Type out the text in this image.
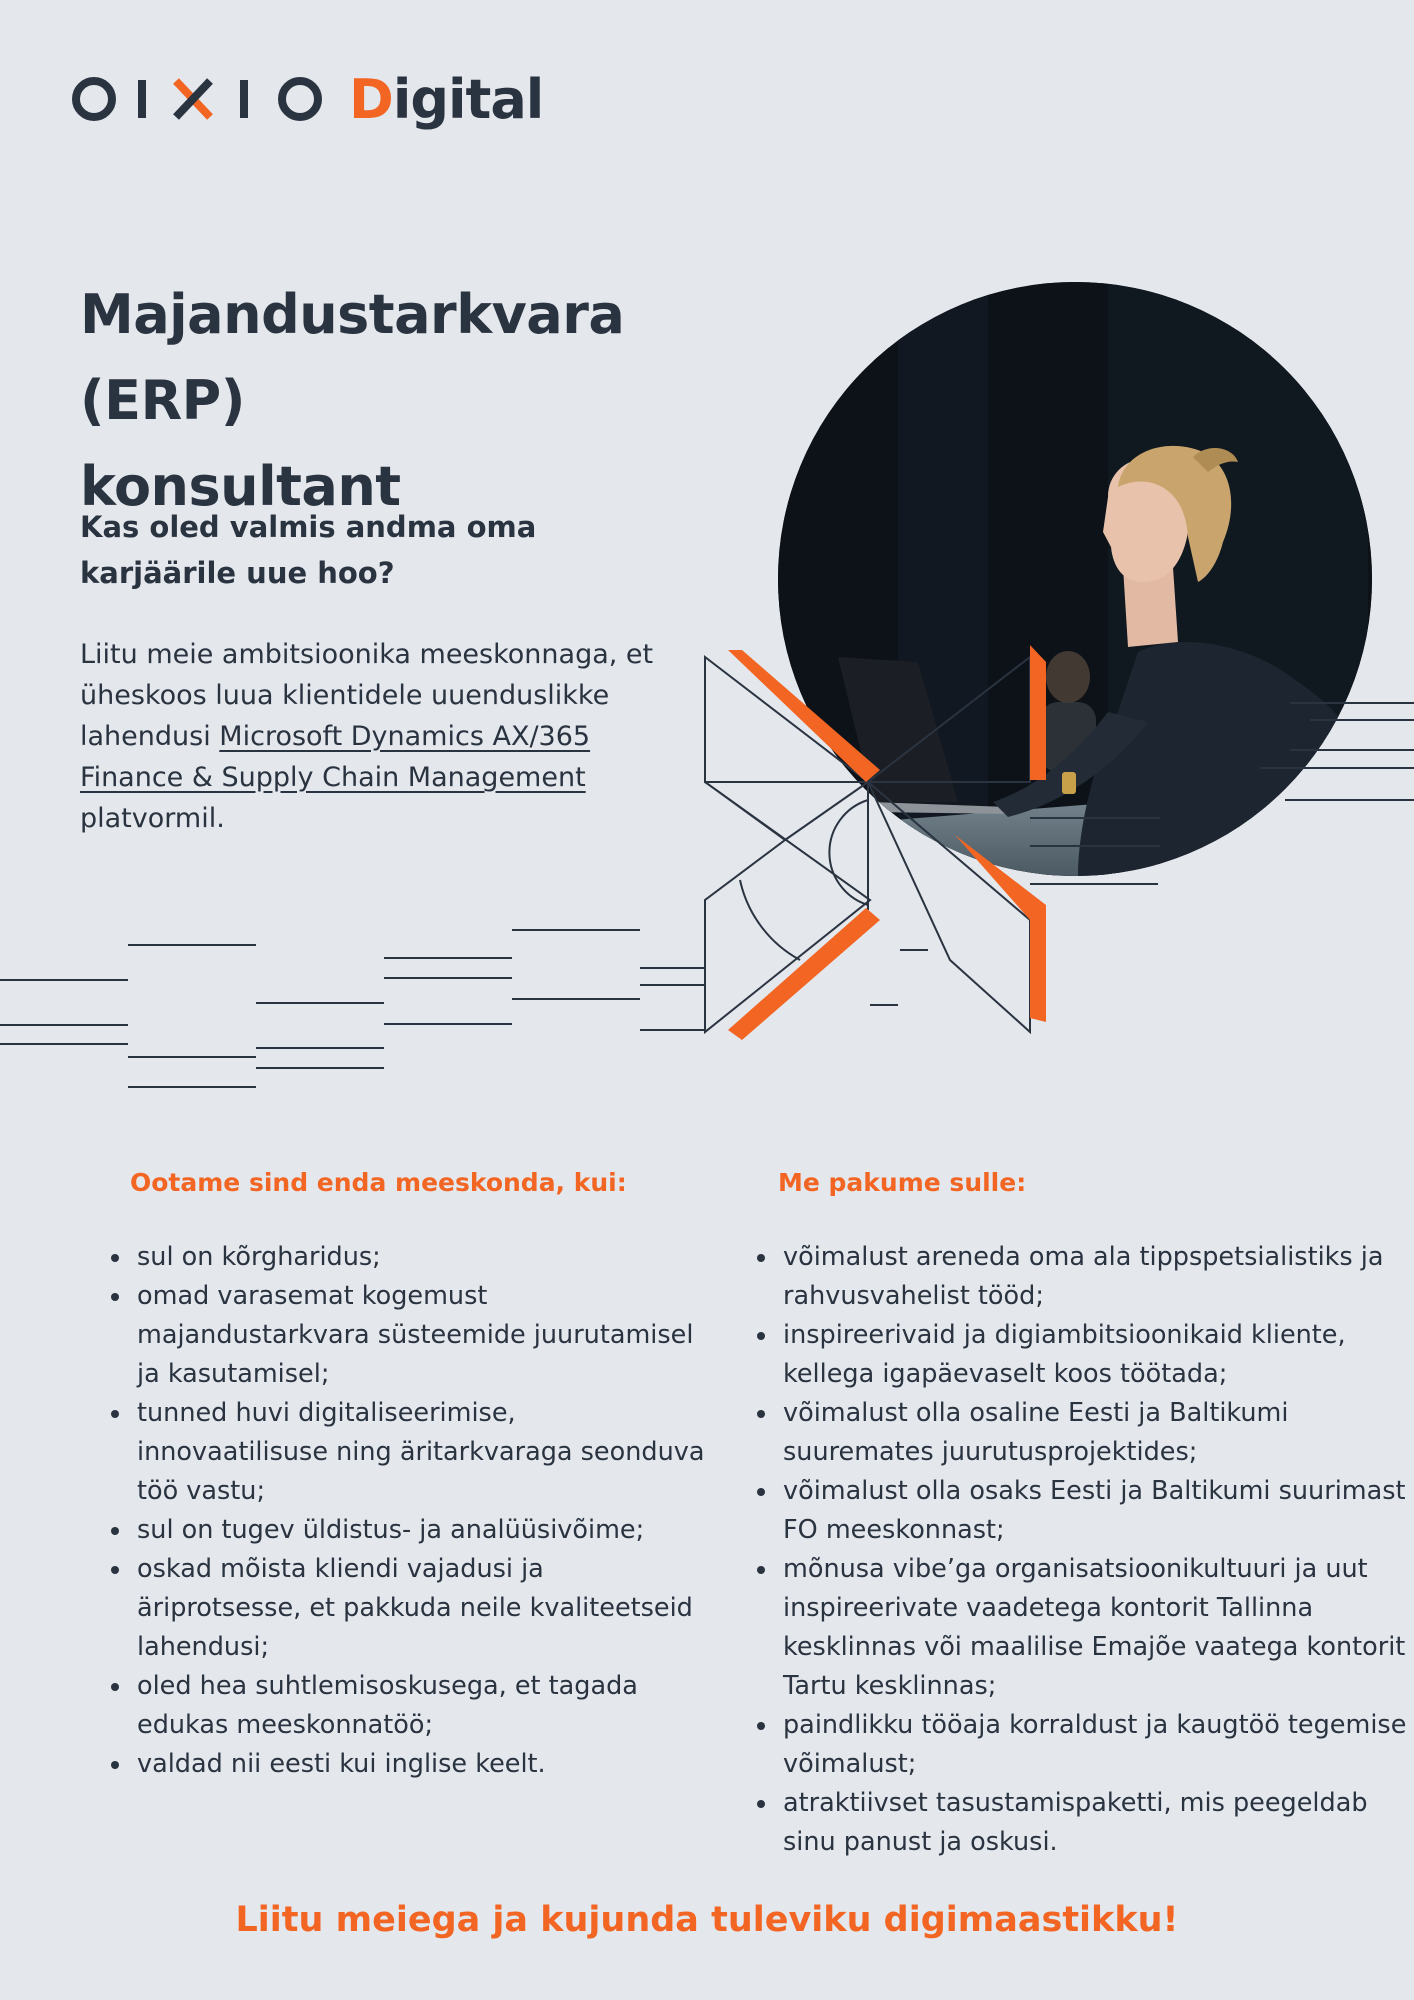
Digital
Majandustarkvara (ERP)
konsultant
Kas oled valmis andma oma karjäärile uue hoo?
Liitu meie ambitsioonika meeskonnaga, et üheskoos luua klientidele uuenduslikke lahendusi Microsoft Dynamics AX/365 Finance & Supply Chain Management platvormil.
Ootame sind enda meeskonda, kui:
• sul on kõrgharidus;
• omad varasemat kogemust majandustarkvara süsteemide juurutamisel ja kasutamisel;
• tunned huvi digitaliseerimise, innovaatilisuse ning äritarkvaraga seonduva töö vastu;
• sul on tugev üldistus- ja analüüsivõime;
• oskad mõista kliendi vajadusi ja äriprotsesse, et pakkuda neile kvaliteetseid lahendusi;
• oled hea suhtlemisoskusega, et tagada edukas meeskonnatöö;
• valdad nii eesti kui inglise keelt.
Me pakume sulle:
• võimalust areneda oma ala tippspetsialistiks ja rahvusvahelist tööd;
• inspireerivaid ja digiambitsioonikaid kliente, kellega igapäevaselt koos töötada;
• võimalust olla osaline Eesti ja Baltikumi suuremates juurutusprojektides;
• võimalust olla osaks Eesti ja Baltikumi suurimast FO meeskonnast;
• mõnusa vibe’ga organisatsioonikultuuri ja uut inspireerivate vaadetega kontorit Tallinna kesklinnas või maalilise Emajõe vaatega kontorit Tartu kesklinnas;
• paindlikku tööaja korraldust ja kaugtöö tegemise võimalust;
• atraktiivset tasustamispaketti, mis peegeldab sinu panust ja oskusi.
Liitu meiega ja kujunda tuleviku digimaastikku!
